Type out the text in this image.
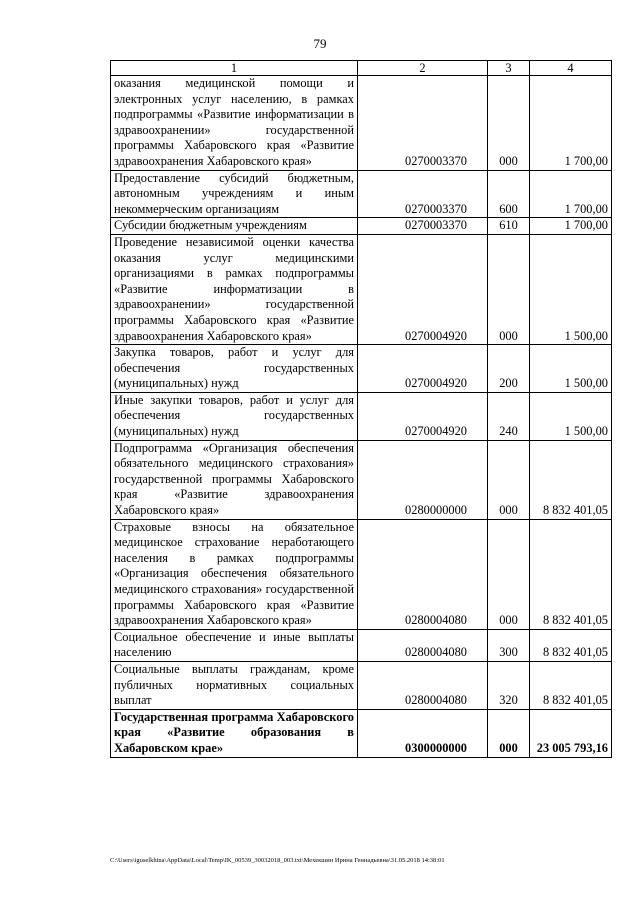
79
1	2	3	4
оказания медицинской помощи и электронных услуг населению, в рамках подпрограммы «Развитие информатизации в здравоохранении» государственной программы Хабаровского края «Развитие здравоохранения Хабаровского края»	0270003370	000	1 700,00
Предоставление субсидий бюджетным, автономным учреждениям и иным некоммерческим организациям	0270003370	600	1 700,00
Субсидии бюджетным учреждениям	0270003370	610	1 700,00
Проведение независимой оценки качества оказания услуг медицинскими организациями в рамках подпрограммы «Развитие информатизации в здравоохранении» государственной программы Хабаровского края «Развитие здравоохранения Хабаровского края»	0270004920	000	1 500,00
Закупка товаров, работ и услуг для обеспечения государственных (муниципальных) нужд	0270004920	200	1 500,00
Иные закупки товаров, работ и услуг для обеспечения государственных (муниципальных) нужд	0270004920	240	1 500,00
Подпрограмма «Организация обеспечения обязательного медицинского страхования» государственной программы Хабаровского края «Развитие здравоохранения Хабаровского края»	0280000000	000	8 832 401,05
Страховые взносы на обязательное медицинское страхование неработающего населения в рамках подпрограммы «Организация обеспечения обязательного медицинского страхования» государственной программы Хабаровского края «Развитие здравоохранения Хабаровского края»	0280004080	000	8 832 401,05
Социальное обеспечение и иные выплаты населению	0280004080	300	8 832 401,05
Социальные выплаты гражданам, кроме публичных нормативных социальных выплат	0280004080	320	8 832 401,05
Государственная программа Хабаровского края «Развитие образования в Хабаровском крае»	0300000000	000	23 005 793,16
C:\Users\iguselkhina\AppData\Local\Temp\IK_00539_30032018_003.txt\Мехекшин Ирина Геннадьевна\31.05.2018 14:38:01
